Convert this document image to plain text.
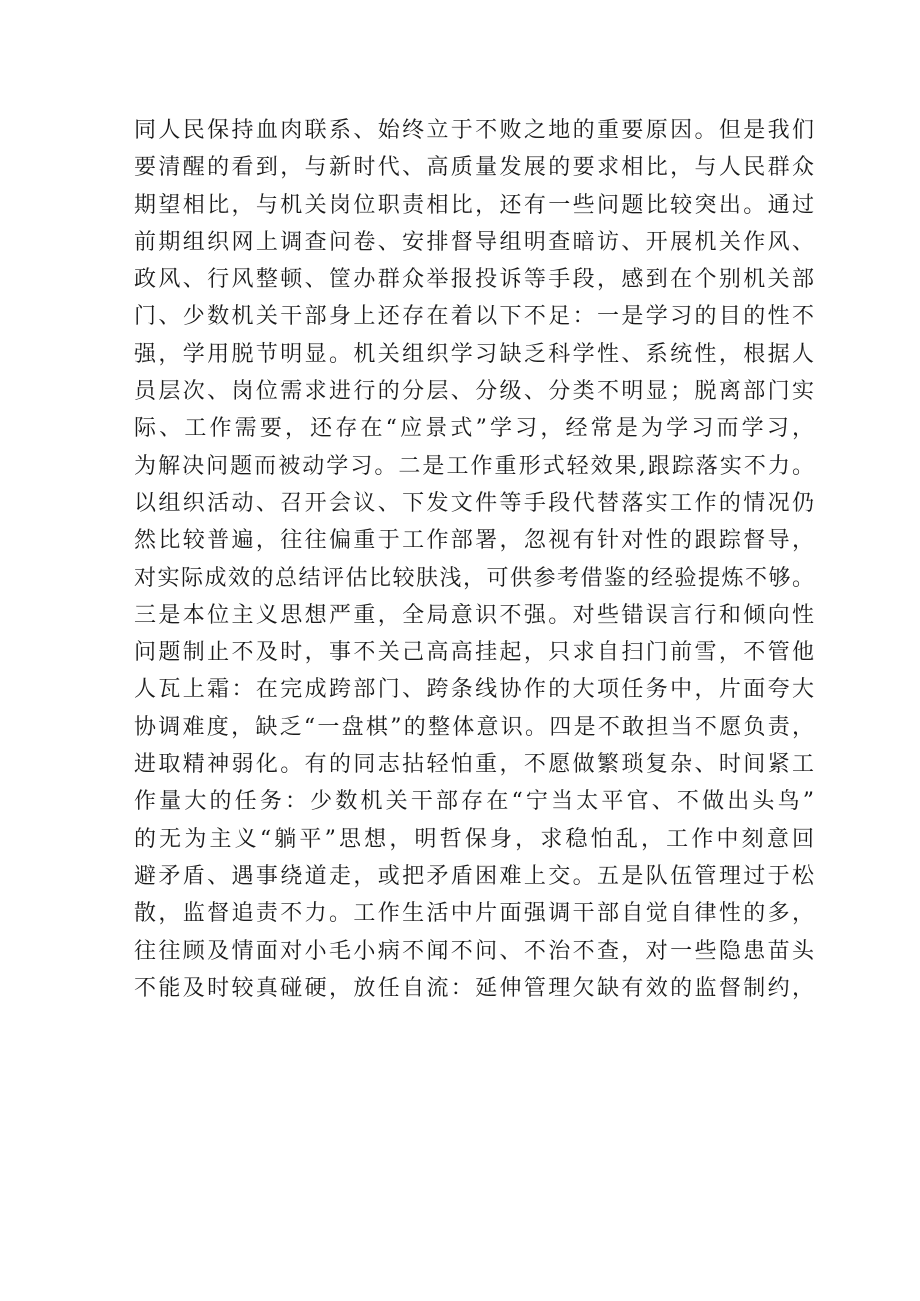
同人民保持血肉联系、始终立于不败之地的重要原因。但是我们
要清醒的看到，与新时代、高质量发展的要求相比，与人民群众
期望相比，与机关岗位职责相比，还有一些问题比较突出。通过
前期组织网上调查问卷、安排督导组明查暗访、开展机关作风、
政风、行风整顿、筐办群众举报投诉等手段，感到在个别机关部
门、少数机关干部身上还存在着以下不足：一是学习的目的性不
强，学用脱节明显。机关组织学习缺乏科学性、系统性，根据人
员层次、岗位需求进行的分层、分级、分类不明显；脱离部门实
际、工作需要，还存在“应景式”学习，经常是为学习而学习，
为解决问题而被动学习。二是工作重形式轻效果,跟踪落实不力。
以组织活动、召开会议、下发文件等手段代替落实工作的情况仍
然比较普遍，往往偏重于工作部署，忽视有针对性的跟踪督导，
对实际成效的总结评估比较肤浅，可供参考借鉴的经验提炼不够。
三是本位主义思想严重，全局意识不强。对些错误言行和倾向性
问题制止不及时，事不关己高高挂起，只求自扫门前雪，不管他
人瓦上霜：在完成跨部门、跨条线协作的大项任务中，片面夸大
协调难度，缺乏“一盘棋”的整体意识。四是不敢担当不愿负责，
进取精神弱化。有的同志拈轻怕重，不愿做繁琐复杂、时间紧工
作量大的任务：少数机关干部存在“宁当太平官、不做出头鸟”
的无为主义“躺平”思想，明哲保身，求稳怕乱，工作中刻意回
避矛盾、遇事绕道走，或把矛盾困难上交。五是队伍管理过于松
散，监督追责不力。工作生活中片面强调干部自觉自律性的多，
往往顾及情面对小毛小病不闻不问、不治不查，对一些隐患苗头
不能及时较真碰硬，放任自流：延伸管理欠缺有效的监督制约，
